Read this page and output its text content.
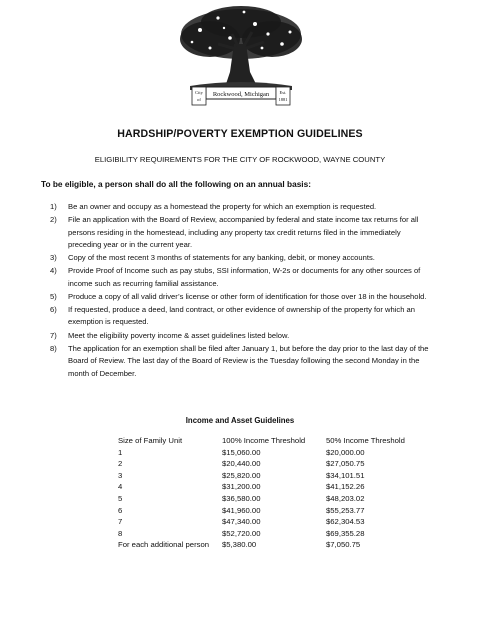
Rockwood, Michigan
City
of
Est.
1881
HARDSHIP/POVERTY EXEMPTION GUIDELINES
ELIGIBILITY REQUIREMENTS FOR THE CITY OF ROCKWOOD, WAYNE COUNTY
To be eligible, a person shall do all the following on an annual basis:
1)	Be an owner and occupy as a homestead the property for which an exemption is requested.
2)	File an application with the Board of Review, accompanied by federal and state income tax returns for all persons residing in the homestead, including any property tax credit returns filed in the immediately preceding year or in the current year.
3)	Copy of the most recent 3 months of statements for any banking, debit, or money accounts.
4)	Provide Proof of Income such as pay stubs, SSI information, W-2s or documents for any other sources of income such as recurring familial assistance.
5)	Produce a copy of all valid driver’s license or other form of identification for those over 18 in the household.
6)	If requested, produce a deed, land contract, or other evidence of ownership of the property for which an exemption is requested.
7)	Meet the eligibility poverty income & asset guidelines listed below.
8)	The application for an exemption shall be filed after January 1, but before the day prior to the last day of the Board of Review. The last day of the Board of Review is the Tuesday following the second Monday in the month of December.
Income and Asset Guidelines
Size of Family Unit	100% Income Threshold	50% Income Threshold
1	$15,060.00	$20,000.00
2	$20,440.00	$27,050.75
3	$25,820.00	$34,101.51
4	$31,200.00	$41,152.26
5	$36,580.00	$48,203.02
6	$41,960.00	$55,253.77
7	$47,340.00	$62,304.53
8	$52,720.00	$69,355.28
For each additional person	$5,380.00	$7,050.75
